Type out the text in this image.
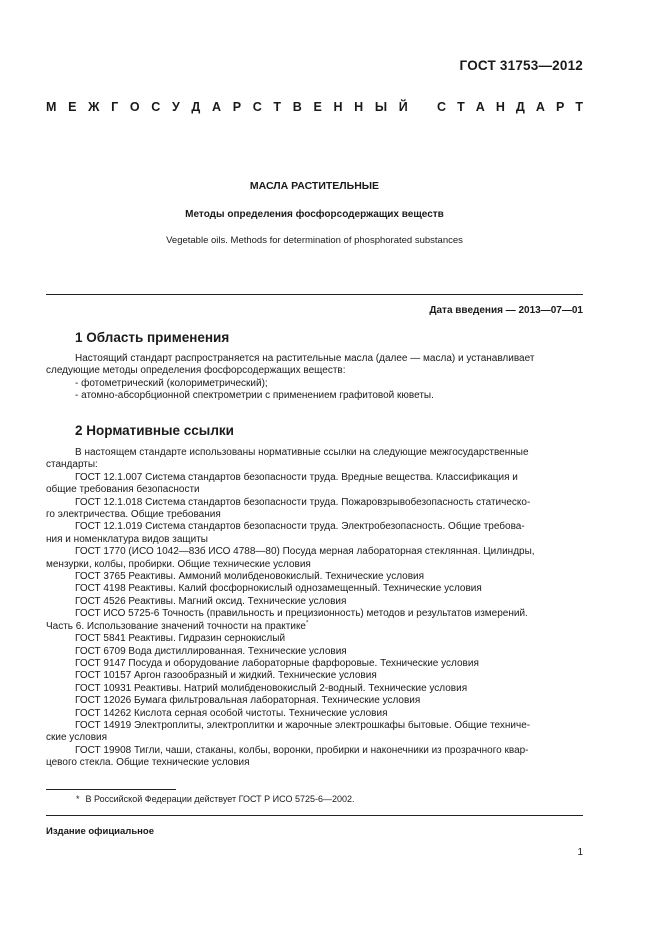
ГОСТ 31753—2012
М Е Ж Г О С У Д А Р С Т В Е Н Н Ы Й С Т А Н Д А Р Т
МАСЛА РАСТИТЕЛЬНЫЕ
Методы определения фосфорсодержащих веществ
Vegetable oils. Methods for determination of phosphorated substances
Дата введения — 2013—07—01
1 Область применения

Настоящий стандарт распространяется на растительные масла (далее — масла) и устанавливает

следующие методы определения фосфорсодержащих веществ:

- фотометрический (колориметрический);

- атомно-абсорбционной спектрометрии с применением графитовой кюветы.

2 Нормативные ссылки

В настоящем стандарте использованы нормативные ссылки на следующие межгосударственные

стандарты:

ГОСТ 12.1.007 Система стандартов безопасности труда. Вредные вещества. Классификация и

общие требования безопасности

ГОСТ 12.1.018 Система стандартов безопасности труда. Пожаровзрывобезопасность статическо-

го электричества. Общие требования

ГОСТ 12.1.019 Система стандартов безопасности труда. Электробезопасность. Общие требова-

ния и номенклатура видов защиты

ГОСТ 1770 (ИСО 1042—83б ИСО 4788—80) Посуда мерная лабораторная стеклянная. Цилиндры,

мензурки, колбы, пробирки. Общие технические условия

ГОСТ 3765 Реактивы. Аммоний молибденовокислый. Технические условия

ГОСТ 4198 Реактивы. Калий фосфорнокислый однозамещенный. Технические условия

ГОСТ 4526 Реактивы. Магний оксид. Технические условия

ГОСТ ИСО 5725-6 Точность (правильность и прецизионность) методов и результатов измерений.

Часть 6. Использование значений точности на практике*

ГОСТ 5841 Реактивы. Гидразин сернокислый

ГОСТ 6709 Вода дистиллированная. Технические условия

ГОСТ 9147 Посуда и оборудование лабораторные фарфоровые. Технические условия

ГОСТ 10157 Аргон газообразный и жидкий. Технические условия

ГОСТ 10931 Реактивы. Натрий молибденовокислый 2-водный. Технические условия

ГОСТ 12026 Бумага фильтровальная лабораторная. Технические условия

ГОСТ 14262 Кислота серная особой чистоты. Технические условия

ГОСТ 14919 Электроплиты, электроплитки и жарочные электрошкафы бытовые. Общие техниче-

ские условия

ГОСТ 19908 Тигли, чаши, стаканы, колбы, воронки, пробирки и наконечники из прозрачного квар-

цевого стекла. Общие технические условия

* В Российской Федерации действует ГОСТ Р ИСО 5725-6—2002.
Издание официальное
1
